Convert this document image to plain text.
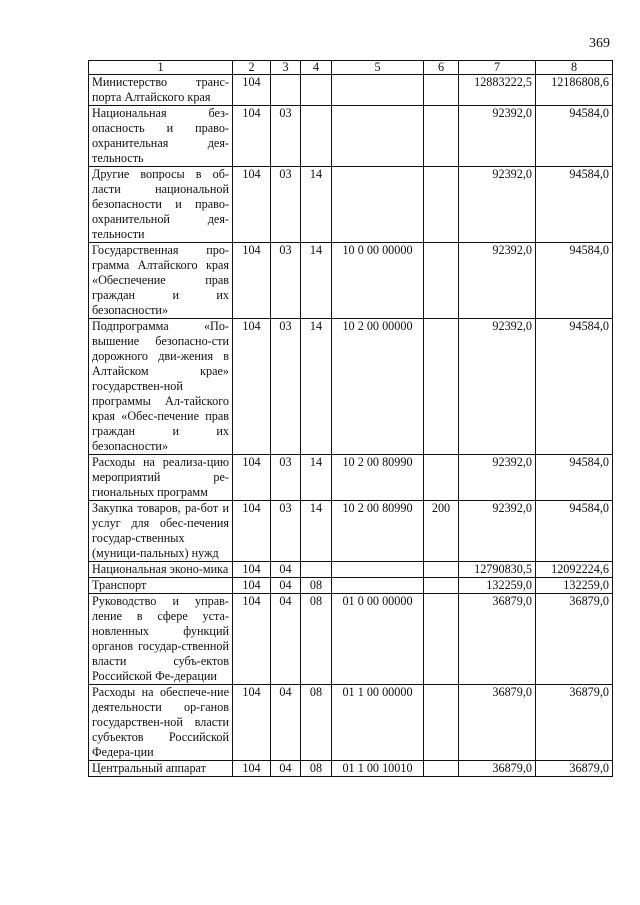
369
1	2	3	4	5	6	7	8
Министерство транс-порта Алтайского края	104					12883222,5	12186808,6
Национальная без-опасность и право-охранительная дея-тельность	104	03				92392,0	94584,0
Другие вопросы в об-ласти национальной безопасности и право-охранительной дея-тельности	104	03	14			92392,0	94584,0
Государственная про-грамма Алтайского края «Обеспечение прав граждан и их безопасности»	104	03	14	10 0 00 00000		92392,0	94584,0
Подпрограмма «По-вышение безопасно-сти дорожного дви-жения в Алтайском крае» государствен-ной программы Ал-тайского края «Обес-печение прав граждан и их безопасности»	104	03	14	10 2 00 00000		92392,0	94584,0
Расходы на реализа-цию мероприятий ре-гиональных программ	104	03	14	10 2 00 80990		92392,0	94584,0
Закупка товаров, ра-бот и услуг для обес-печения государ-ственных (муници-пальных) нужд	104	03	14	10 2 00 80990	200	92392,0	94584,0
Национальная эконо-мика	104	04				12790830,5	12092224,6
Транспорт	104	04	08			132259,0	132259,0
Руководство и управ-ление в сфере уста-новленных функций органов государ-ственной власти субъ-ектов Российской Фе-дерации	104	04	08	01 0 00 00000		36879,0	36879,0
Расходы на обеспече-ние деятельности ор-ганов государствен-ной власти субъектов Российской Федера-ции	104	04	08	01 1 00 00000		36879,0	36879,0
Центральный аппарат	104	04	08	01 1 00 10010		36879,0	36879,0
